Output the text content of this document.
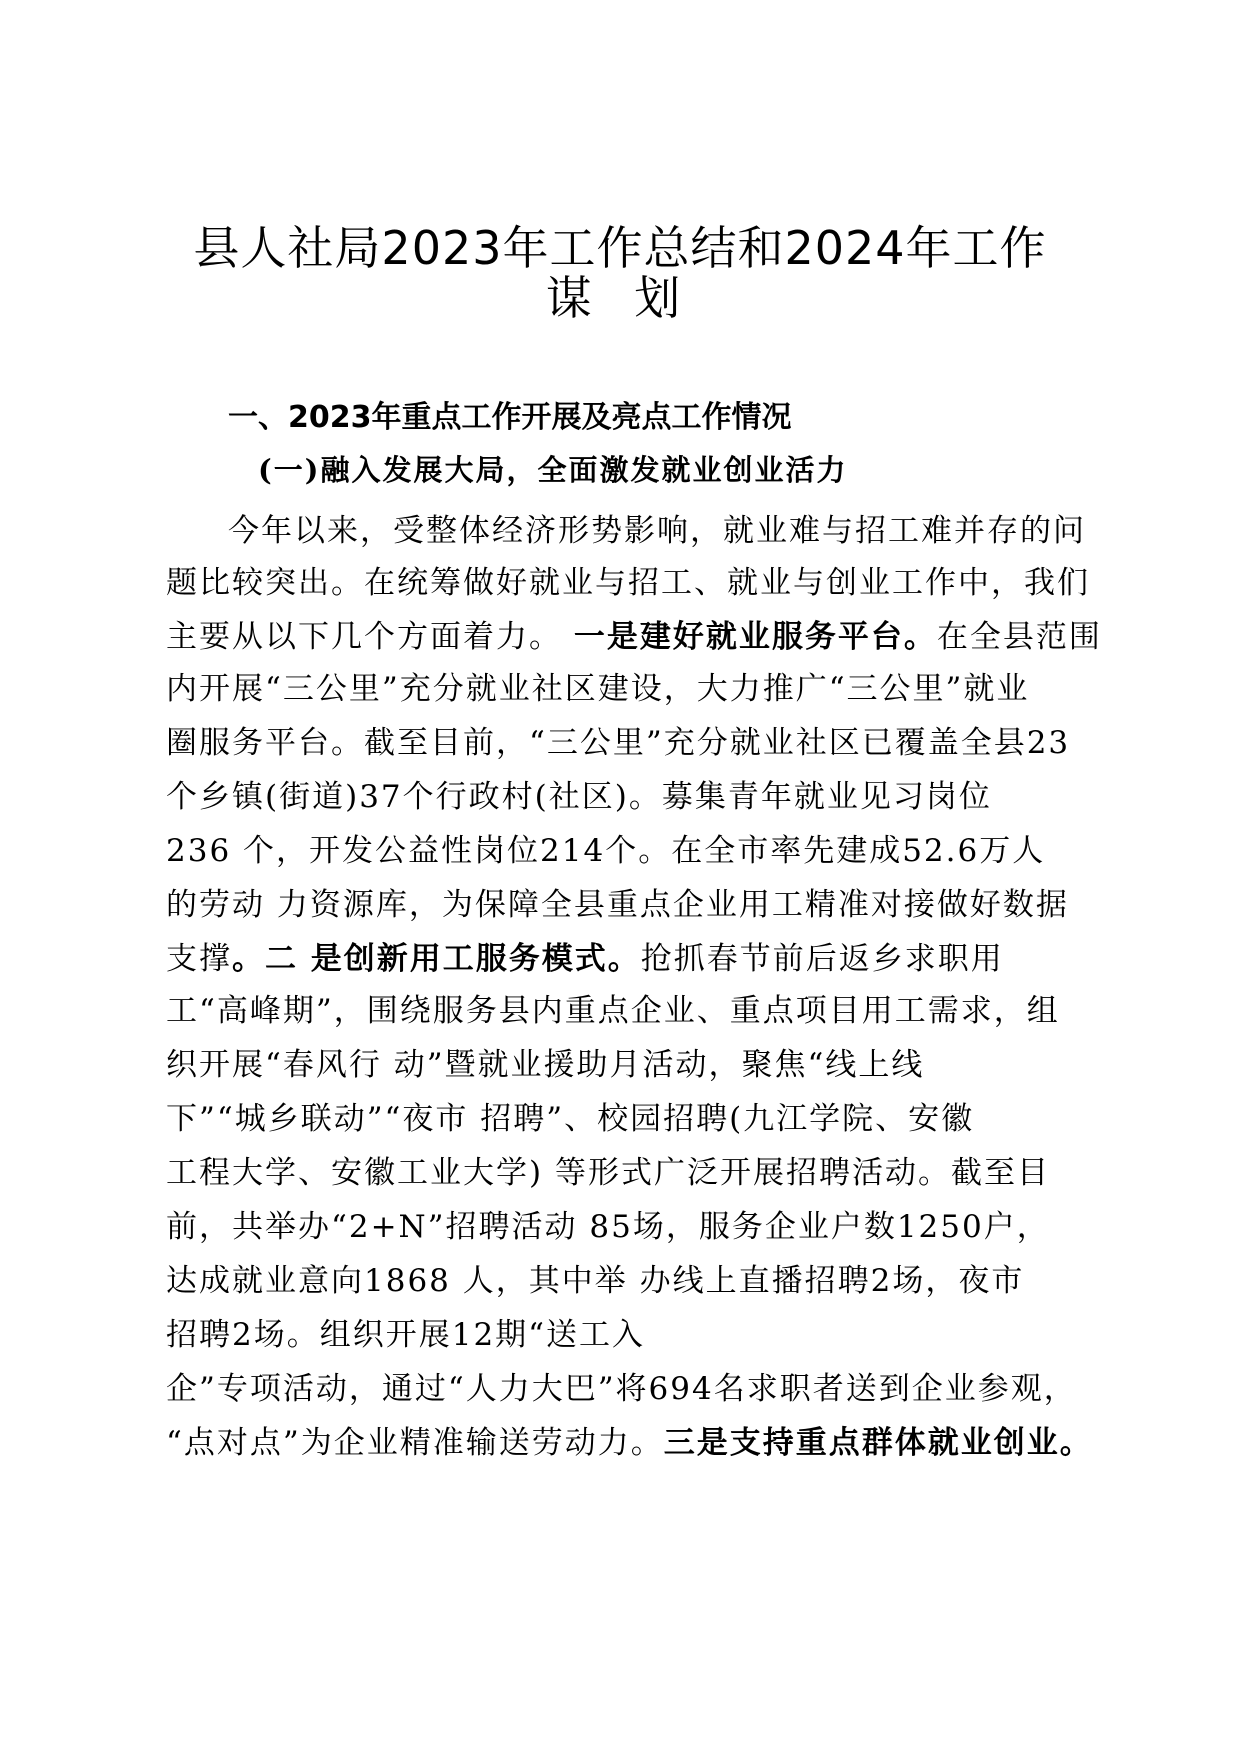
县人社局2023年工作总结和2024年工作
谋 划
一、2023年重点工作开展及亮点工作情况
(一)融入发展大局，全面激发就业创业活力
今年以来，受整体经济形势影响，就业难与招工难并存的问
题比较突出。在统筹做好就业与招工、就业与创业工作中，我们
主要从以下几个方面着力。 一是建好就业服务平台。在全县范围
内开展“三公里”充分就业社区建设，大力推广“三公里”就业
圈服务平台。截至目前，“三公里”充分就业社区已覆盖全县23
个乡镇(街道)37个行政村(社区)。募集青年就业见习岗位
236 个，开发公益性岗位214个。在全市率先建成52.6万人
的劳动 力资源库，为保障全县重点企业用工精准对接做好数据
支撑。二 是创新用工服务模式。抢抓春节前后返乡求职用
工“高峰期”，围绕服务县内重点企业、重点项目用工需求，组
织开展“春风行 动”暨就业援助月活动，聚焦“线上线
下”“城乡联动”“夜市 招聘”、校园招聘(九江学院、安徽
工程大学、安徽工业大学) 等形式广泛开展招聘活动。截至目
前，共举办“2+N”招聘活动 85场，服务企业户数1250户，
达成就业意向1868 人，其中举 办线上直播招聘2场，夜市
招聘2场。组织开展12期“送工入
企”专项活动，通过“人力大巴”将694名求职者送到企业参观，
“点对点”为企业精准输送劳动力。三是支持重点群体就业创业。
